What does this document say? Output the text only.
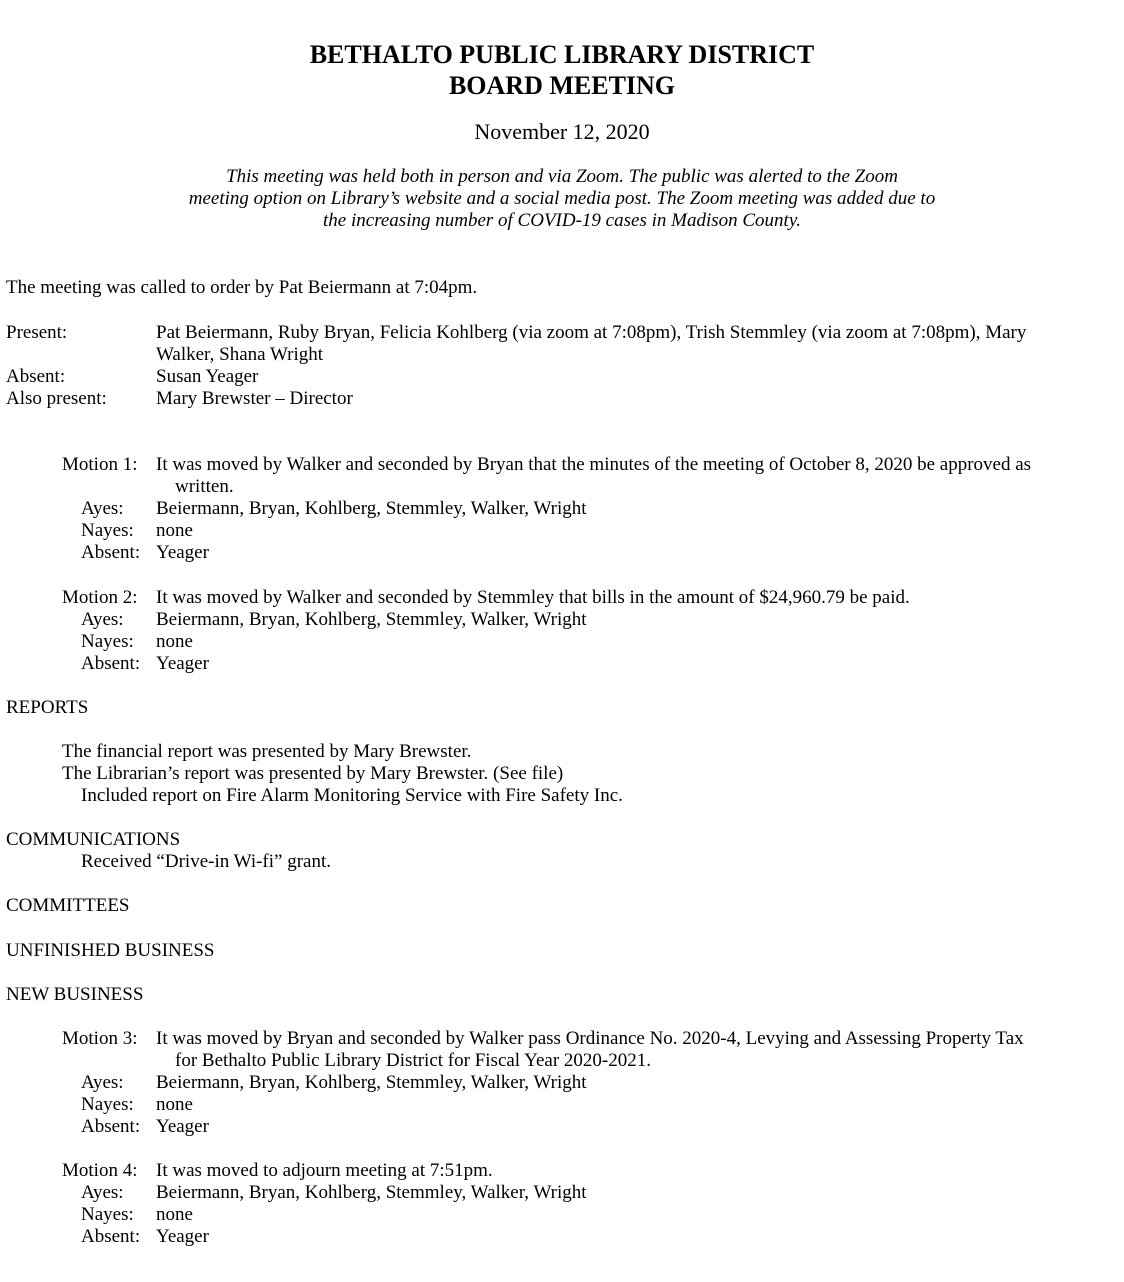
BETHALTO PUBLIC LIBRARY DISTRICT
BOARD MEETING
November 12, 2020
This meeting was held both in person and via Zoom. The public was alerted to the Zoom
meeting option on Library’s website and a social media post. The Zoom meeting was added due to
the increasing number of COVID-19 cases in Madison County.
The meeting was called to order by Pat Beiermann at 7:04pm.
Present:	Pat Beiermann, Ruby Bryan, Felicia Kohlberg (via zoom at 7:08pm), Trish Stemmley (via zoom at 7:08pm), Mary
Walker, Shana Wright
Absent:	Susan Yeager
Also present:	Mary Brewster – Director
Motion 1: It was moved by Walker and seconded by Bryan that the minutes of the meeting of October 8, 2020 be approved as
written.
Ayes: Beiermann, Bryan, Kohlberg, Stemmley, Walker, Wright
Nayes: none
Absent: Yeager
Motion 2: It was moved by Walker and seconded by Stemmley that bills in the amount of $24,960.79 be paid.
Ayes: Beiermann, Bryan, Kohlberg, Stemmley, Walker, Wright
Nayes: none
Absent: Yeager
REPORTS
The financial report was presented by Mary Brewster.
The Librarian’s report was presented by Mary Brewster. (See file)
Included report on Fire Alarm Monitoring Service with Fire Safety Inc.
COMMUNICATIONS
Received “Drive-in Wi-fi” grant.
COMMITTEES
UNFINISHED BUSINESS
NEW BUSINESS
Motion 3: It was moved by Bryan and seconded by Walker pass Ordinance No. 2020-4, Levying and Assessing Property Tax
for Bethalto Public Library District for Fiscal Year 2020-2021.
Ayes: Beiermann, Bryan, Kohlberg, Stemmley, Walker, Wright
Nayes: none
Absent: Yeager
Motion 4: It was moved to adjourn meeting at 7:51pm.
Ayes: Beiermann, Bryan, Kohlberg, Stemmley, Walker, Wright
Nayes: none
Absent: Yeager
